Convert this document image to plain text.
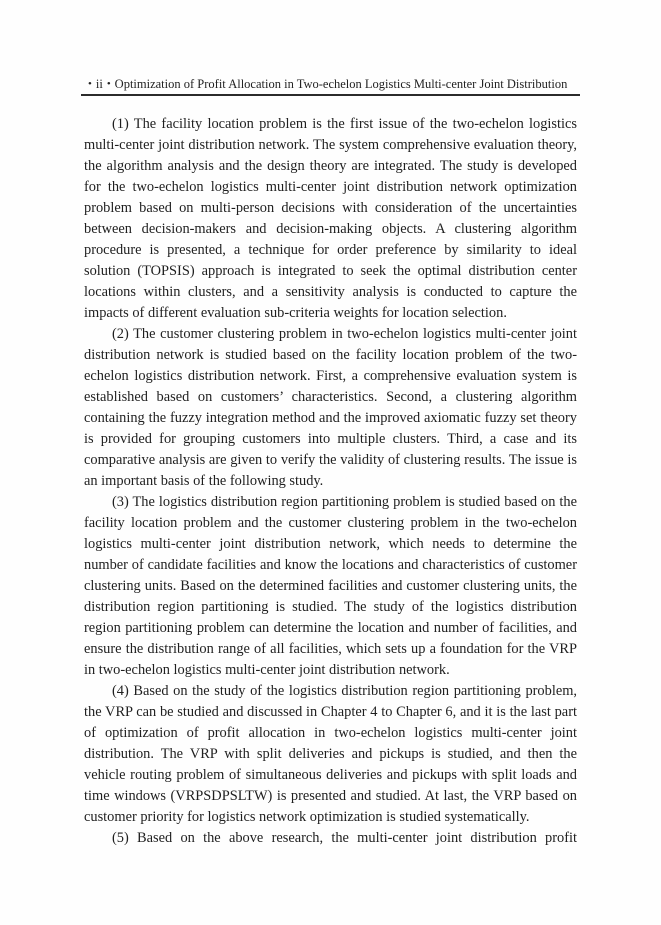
• ii • Optimization of Profit Allocation in Two-echelon Logistics Multi-center Joint Distribution

(1) The facility location problem is the first issue of the two-echelon logistics multi-center joint distribution network. The system comprehensive evaluation theory, the algorithm analysis and the design theory are integrated. The study is developed for the two-echelon logistics multi-center joint distribution network optimization problem based on multi-person decisions with consideration of the uncertainties between decision-makers and decision-making objects. A clustering algorithm procedure is presented, a technique for order preference by similarity to ideal solution (TOPSIS) approach is integrated to seek the optimal distribution center locations within clusters, and a sensitivity analysis is conducted to capture the impacts of different evaluation sub-criteria weights for location selection.

(2) The customer clustering problem in two-echelon logistics multi-center joint distribution network is studied based on the facility location problem of the two-echelon logistics distribution network. First, a comprehensive evaluation system is established based on customers’ characteristics. Second, a clustering algorithm containing the fuzzy integration method and the improved axiomatic fuzzy set theory is provided for grouping customers into multiple clusters. Third, a case and its comparative analysis are given to verify the validity of clustering results. The issue is an important basis of the following study.

(3) The logistics distribution region partitioning problem is studied based on the facility location problem and the customer clustering problem in the two-echelon logistics multi-center joint distribution network, which needs to determine the number of candidate facilities and know the locations and characteristics of customer clustering units. Based on the determined facilities and customer clustering units, the distribution region partitioning is studied. The study of the logistics distribution region partitioning problem can determine the location and number of facilities, and ensure the distribution range of all facilities, which sets up a foundation for the VRP in two-echelon logistics multi-center joint distribution network.

(4) Based on the study of the logistics distribution region partitioning problem, the VRP can be studied and discussed in Chapter 4 to Chapter 6, and it is the last part of optimization of profit allocation in two-echelon logistics multi-center joint distribution. The VRP with split deliveries and pickups is studied, and then the vehicle routing problem of simultaneous deliveries and pickups with split loads and time windows (VRPSDPSLTW) is presented and studied. At last, the VRP based on customer priority for logistics network optimization is studied systematically.

(5) Based on the above research, the multi-center joint distribution profit
